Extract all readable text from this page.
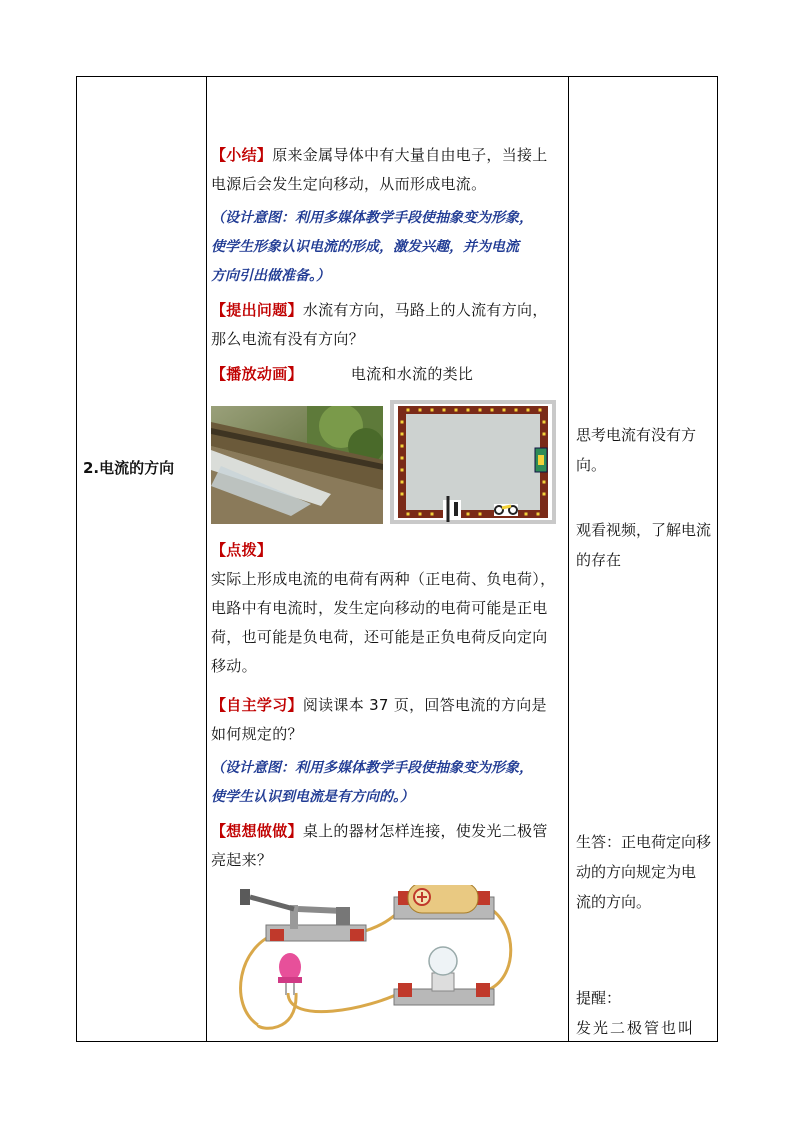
2.电流的方向
【小结】原来金属导体中有大量自由电子，当接上
电源后会发生定向移动，从而形成电流。
（设计意图：利用多媒体教学手段使抽象变为形象，
使学生形象认识电流的形成，激发兴趣，并为电流
方向引出做准备。）
【提出问题】水流有方向，马路上的人流有方向，
那么电流有没有方向？
【播放动画】	电流和水流的类比
【点拨】
实际上形成电流的电荷有两种（正电荷、负电荷），
电路中有电流时，发生定向移动的电荷可能是正电
荷，也可能是负电荷，还可能是正负电荷反向定向
移动。
【自主学习】阅读课本 37 页，回答电流的方向是
如何规定的？
（设计意图：利用多媒体教学手段使抽象变为形象，
使学生认识到电流是有方向的。）
【想想做做】桌上的器材怎样连接，使发光二极管
亮起来？
思考电流有没有方
向。
观看视频，了解电流
的存在
生答：正电荷定向移
动的方向规定为电
流的方向。
提醒：
发光二极管也叫
